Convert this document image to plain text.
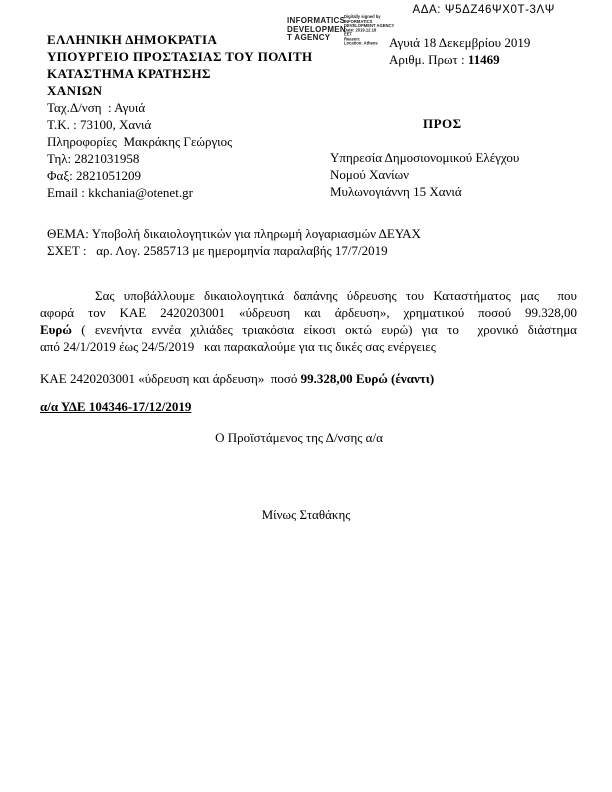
ΑΔΑ: Ψ5ΔΖ46ΨΧ0Τ-3ΛΨ
ΕΛΛΗΝΙΚΗ ΔΗΜΟΚΡΑΤΙΑ
ΥΠΟΥΡΓΕΙΟ ΠΡΟΣΤΑΣΙΑΣ ΤΟΥ ΠΟΛΙΤΗ
ΚΑΤΑΣΤΗΜΑ ΚΡΑΤΗΣΗΣ
ΧΑΝΙΩΝ
INFORMATICS
DEVELOPMEN
T AGENCY
Digitally signed by
INFORMATICS
DEVELOPMENT AGENCY
Date: 2019.12.18
EET
Reason:
Location: Athens Αγυιά 18 Δεκεμβρίου 2019
Αριθμ. Πρωτ : 11469
Ταχ.Δ/νση  : Αγυιά
Τ.Κ. : 73100, Χανιά
Πληροφορίες  Μακράκης Γεώργιος
Τηλ: 2821031958
Φαξ: 2821051209
Email : kkchania@otenet.gr
ΠΡΟΣ
Υπηρεσία Δημοσιονομικού Ελέγχου
Νομού Χανίων
Μυλωνογιάννη 15 Χανιά
ΘΕΜΑ: Υποβολή δικαιολογητικών για πληρωμή λογαριασμών ΔΕΥΑΧ
ΣΧΕΤ :   αρ. Λογ. 2585713 με ημερομηνία παραλαβής 17/7/2019
Σας υποβάλλουμε δικαιολογητικά δαπάνης ύδρευσης του Καταστήματος μας  που
αφορά τον ΚΑΕ 2420203001 «ύδρευση και άρδευση», χρηματικού ποσού 99.328,00
Ευρώ ( ενενήντα εννέα χιλιάδες τριακόσια είκοσι οκτώ ευρώ) για το  χρονικό διάστημα
από 24/1/2019 έως 24/5/2019   και παρακαλούμε για τις δικές σας ενέργειες
ΚΑΕ 2420203001 «ύδρευση και άρδευση»  ποσό 99.328,00 Ευρώ (έναντι)
α/α ΥΔΕ 104346-17/12/2019
Ο Προϊστάμενος της Δ/νσης α/α
Μίνως Σταθάκης
